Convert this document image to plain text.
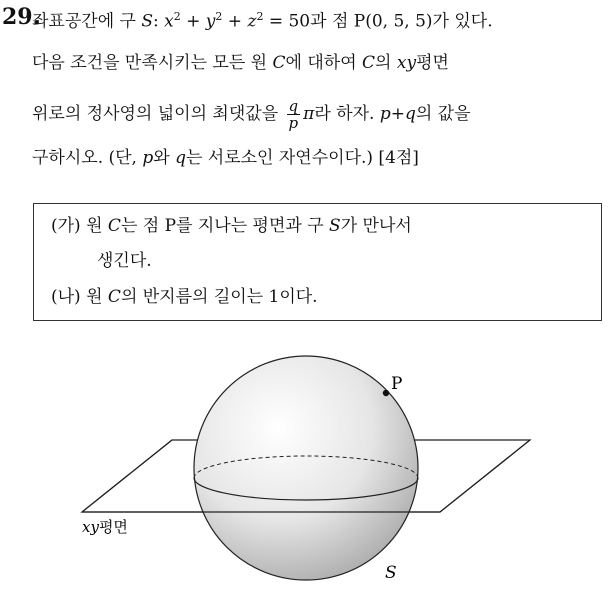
29.
좌표공간에 구 S: $x^2 + y^2 + z^2 = 50$과 점 P(0, 5, 5)가 있다.
다음 조건을 만족시키는 모든 원 C에 대하여 C의 xy평면
위로의 정사영의 넓이의 최댓값을 $\frac{q}{p}$ π라 하자. p+q의 값을
구하시오. (단, p와 q는 서로소인 자연수이다.) [4점]
(가) 원 C는 점 P를 지나는 평면과 구 S가 만나서
생긴다.
(나) 원 C의 반지름의 길이는 1이다.
P
S
xy평면
